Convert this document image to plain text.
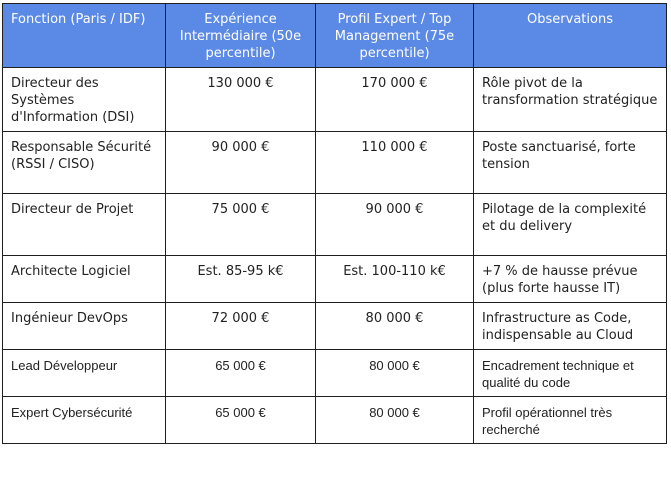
Fonction (Paris / IDF)	Expérience Intermédiaire (50e percentile)	Profil Expert / Top Management (75e percentile)	Observations
Directeur des Systèmes d'Information (DSI)	130 000 €	170 000 €	Rôle pivot de la transformation stratégique
Responsable Sécurité (RSSI / CISO)	90 000 €	110 000 €	Poste sanctuarisé, forte tension
Directeur de Projet	75 000 €	90 000 €	Pilotage de la complexité et du delivery
Architecte Logiciel	Est. 85-95 k€	Est. 100-110 k€	+7 % de hausse prévue (plus forte hausse IT)
Ingénieur DevOps	72 000 €	80 000 €	Infrastructure as Code, indispensable au Cloud
Lead Développeur	65 000 €	80 000 €	Encadrement technique et qualité du code
Expert Cybersécurité	65 000 €	80 000 €	Profil opérationnel très recherché
